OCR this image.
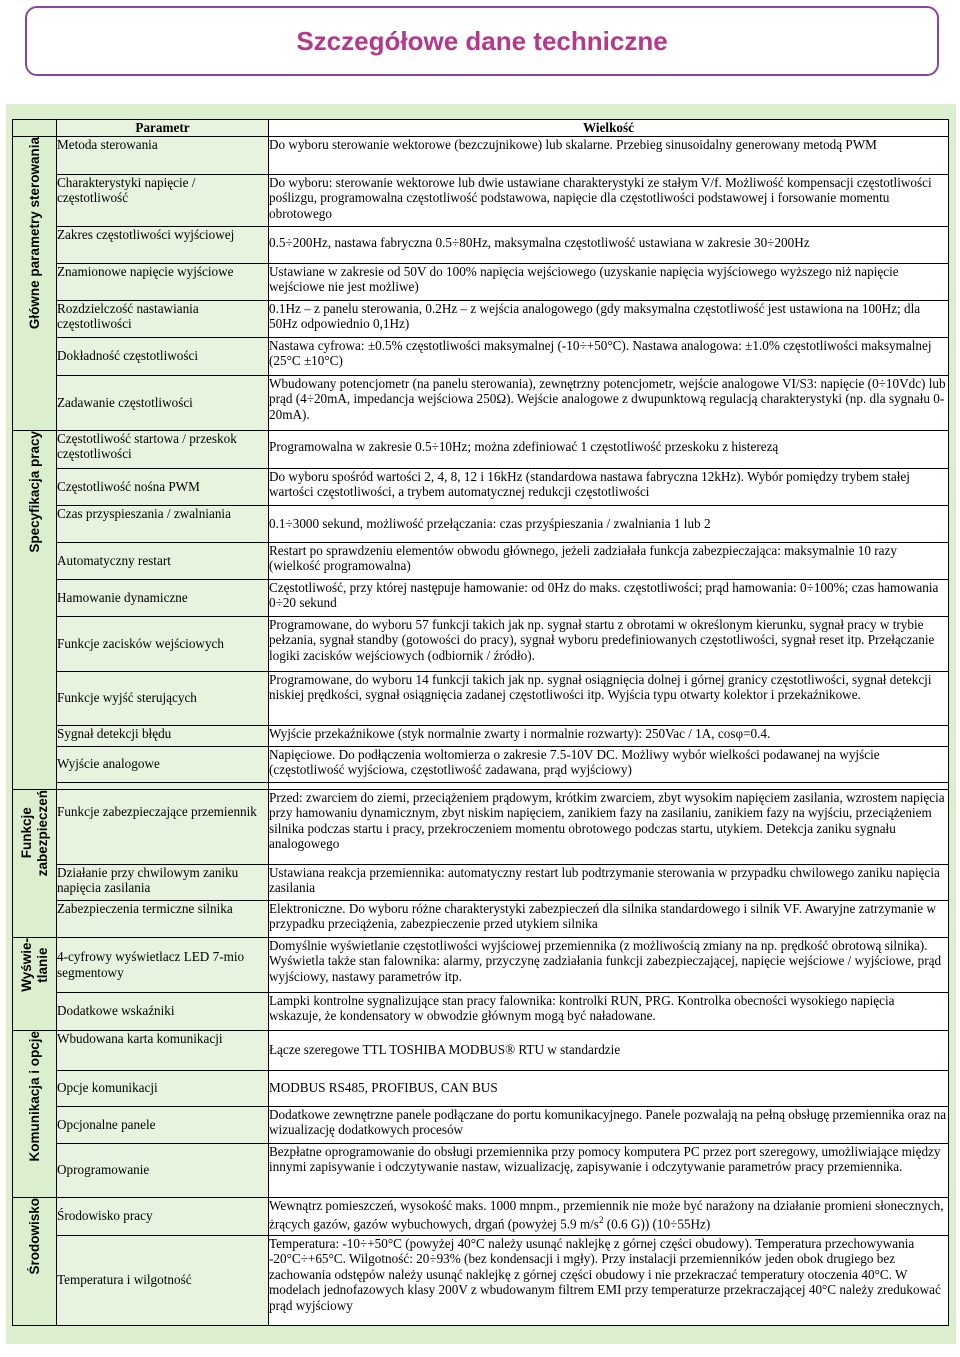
Szczegółowe dane techniczne
	Parametr	Wielkość
Główne parametry sterowania	Metoda sterowania	Do wyboru sterowanie wektorowe (bezczujnikowe) lub skalarne. Przebieg sinusoidalny generowany metodą PWM
	Charakterystyki napięcie / częstotliwość	Do wyboru: sterowanie wektorowe lub dwie ustawiane charakterystyki ze stałym V/f. Możliwość kompensacji częstotliwości poślizgu, programowalna częstotliwość podstawowa, napięcie dla częstotliwości podstawowej i forsowanie momentu obrotowego
	Zakres częstotliwości wyjściowej	0.5÷200Hz, nastawa fabryczna 0.5÷80Hz, maksymalna częstotliwość ustawiana w zakresie 30÷200Hz
	Znamionowe napięcie wyjściowe	Ustawiane w zakresie od 50V do 100% napięcia wejściowego (uzyskanie napięcia wyjściowego wyższego niż napięcie wejściowe nie jest możliwe)
	Rozdzielczość nastawiania częstotliwości	0.1Hz – z panelu sterowania, 0.2Hz – z wejścia analogowego (gdy maksymalna częstotliwość jest ustawiona na 100Hz; dla 50Hz odpowiednio 0,1Hz)
	Dokładność częstotliwości	Nastawa cyfrowa: ±0.5% częstotliwości maksymalnej (-10÷+50°C). Nastawa analogowa: ±1.0% częstotliwości maksymalnej (25°C ±10°C)
	Zadawanie częstotliwości	Wbudowany potencjometr (na panelu sterowania), zewnętrzny potencjometr, wejście analogowe VI/S3: napięcie (0÷10Vdc) lub prąd (4÷20mA, impedancja wejściowa 250Ω). Wejście analogowe z dwupunktową regulacją charakterystyki (np. dla sygnału 0-20mA).
Specyfikacja pracy	Częstotliwość startowa / przeskok częstotliwości	Programowalna w zakresie 0.5÷10Hz; można zdefiniować 1 częstotliwość przeskoku z histerezą
	Częstotliwość nośna PWM	Do wyboru spośród wartości 2, 4, 8, 12 i 16kHz (standardowa nastawa fabryczna 12kHz). Wybór pomiędzy trybem stałej wartości częstotliwości, a trybem automatycznej redukcji częstotliwości
	Czas przyspieszania / zwalniania	0.1÷3000 sekund, możliwość przełączania: czas przyśpieszania / zwalniania 1 lub 2
	Automatyczny restart	Restart po sprawdzeniu elementów obwodu głównego, jeżeli zadziałała funkcja zabezpieczająca: maksymalnie 10 razy (wielkość programowalna)
	Hamowanie dynamiczne	Częstotliwość, przy której następuje hamowanie: od 0Hz do maks. częstotliwości; prąd hamowania: 0÷100%; czas hamowania 0÷20 sekund
	Funkcje zacisków wejściowych	Programowane, do wyboru 57 funkcji takich jak np. sygnał startu z obrotami w określonym kierunku, sygnał pracy w trybie pełzania, sygnał standby (gotowości do pracy), sygnał wyboru predefiniowanych częstotliwości, sygnał reset itp. Przełączanie logiki zacisków wejściowych (odbiornik / źródło).
	Funkcje wyjść sterujących	Programowane, do wyboru 14 funkcji takich jak np. sygnał osiągnięcia dolnej i górnej granicy częstotliwości, sygnał detekcji niskiej prędkości, sygnał osiągnięcia zadanej częstotliwości itp. Wyjścia typu otwarty kolektor i przekaźnikowe.
	Sygnał detekcji błędu	Wyjście przekaźnikowe (styk normalnie zwarty i normalnie rozwarty): 250Vac / 1A, cosφ=0.4.
	Wyjście analogowe	Napięciowe. Do podłączenia woltomierza o zakresie 7.5-10V DC. Możliwy wybór wielkości podawanej na wyjście (częstotliwość wyjściowa, częstotliwość zadawana, prąd wyjściowy)

Funkcje zabezpieczeń	Funkcje zabezpieczające przemiennik	Przed: zwarciem do ziemi, przeciążeniem prądowym, krótkim zwarciem, zbyt wysokim napięciem zasilania, wzrostem napięcia przy hamowaniu dynamicznym, zbyt niskim napięciem, zanikiem fazy na zasilaniu, zanikiem fazy na wyjściu, przeciążeniem silnika podczas startu i pracy, przekroczeniem momentu obrotowego podczas startu, utykiem. Detekcja zaniku sygnału analogowego
	Działanie przy chwilowym zaniku napięcia zasilania	Ustawiana reakcja przemiennika: automatyczny restart lub podtrzymanie sterowania w przypadku chwilowego zaniku napięcia zasilania
	Zabezpieczenia termiczne silnika	Elektroniczne. Do wyboru różne charakterystyki zabezpieczeń dla silnika standardowego i silnik VF. Awaryjne zatrzymanie w przypadku przeciążenia, zabezpieczenie przed utykiem silnika

Wyświe- tlanie	4-cyfrowy wyświetlacz LED 7-mio segmentowy	Domyślnie wyświetlanie częstotliwości wyjściowej przemiennika (z możliwością zmiany na np. prędkość obrotową silnika). Wyświetla także stan falownika: alarmy, przyczynę zadziałania funkcji zabezpieczającej, napięcie wejściowe / wyjściowe, prąd wyjściowy, nastawy parametrów itp.
	Dodatkowe wskaźniki	Lampki kontrolne sygnalizujące stan pracy falownika: kontrolki RUN, PRG. Kontrolka obecności wysokiego napięcia wskazuje, że kondensatory w obwodzie głównym mogą być naładowane.
Komunikacja i opcje	Wbudowana karta komunikacji	Łącze szeregowe TTL TOSHIBA MODBUS® RTU w standardzie
	Opcje komunikacji	MODBUS RS485, PROFIBUS, CAN BUS
	Opcjonalne panele	Dodatkowe zewnętrzne panele podłączane do portu komunikacyjnego. Panele pozwalają na pełną obsługę przemiennika oraz na wizualizację dodatkowych procesów
	Oprogramowanie	Bezpłatne oprogramowanie do obsługi przemiennika przy pomocy komputera PC przez port szeregowy, umożliwiające między innymi zapisywanie i odczytywanie nastaw, wizualizację, zapisywanie i odczytywanie parametrów pracy przemiennika.
Środowisko	Środowisko pracy	Wewnątrz pomieszczeń, wysokość maks. 1000 mnpm., przemiennik nie może być narażony na działanie promieni słonecznych, żrących gazów, gazów wybuchowych, drgań (powyżej 5.9 $m/s^2$ (0.6 G)) (10÷55Hz)
	Temperatura i wilgotność	Temperatura: -10÷+50°C (powyżej 40°C należy usunąć naklejkę z górnej części obudowy). Temperatura przechowywania -20°C÷+65°C. Wilgotność: 20÷93% (bez kondensacji i mgły). Przy instalacji przemienników jeden obok drugiego bez zachowania odstępów należy usunąć naklejkę z górnej części obudowy i nie przekraczać temperatury otoczenia 40°C. W modelach jednofazowych klasy 200V z wbudowanym filtrem EMI przy temperaturze przekraczającej 40°C należy zredukować prąd wyjściowy
